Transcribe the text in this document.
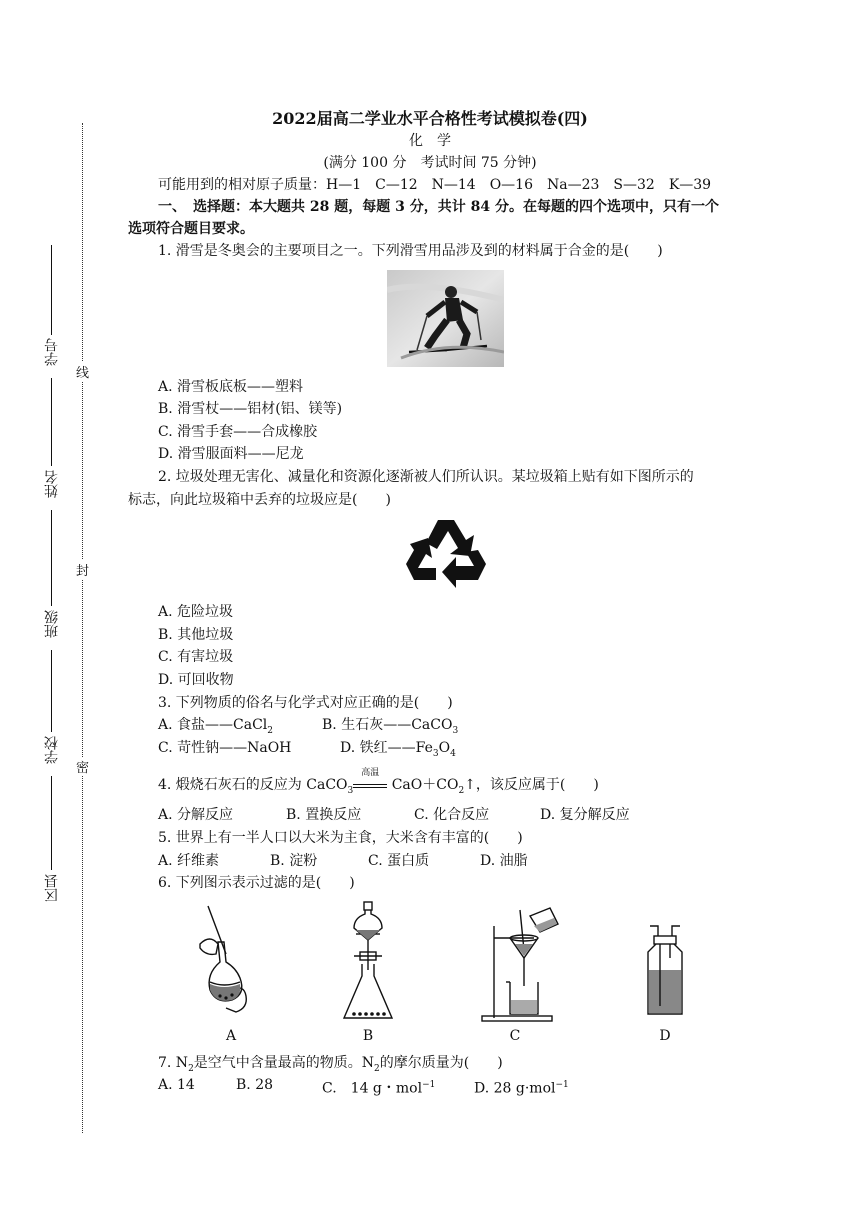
线
封
密
学号
姓名
班级
学校
区县
2022届高二学业水平合格性考试模拟卷(四)
化　学
(满分 100 分　考试时间 75 分钟)
可能用到的相对原子质量：H—1　C—12　N—14　O—16　Na—23　S—32　K—39
一、　选择题：本大题共 28 题，每题 3 分，共计 84 分。在每题的四个选项中，只有一个
选项符合题目要求。
1. 滑雪是冬奥会的主要项目之一。下列滑雪用品涉及到的材料属于合金的是(　　)
A. 滑雪板底板——塑料
B. 滑雪杖——铝材(铝、镁等)
C. 滑雪手套——合成橡胶
D. 滑雪服面料——尼龙
2. 垃圾处理无害化、减量化和资源化逐渐被人们所认识。某垃圾箱上贴有如下图所示的
标志，向此垃圾箱中丢弃的垃圾应是(　　)
A. 危险垃圾
B. 其他垃圾
C. 有害垃圾
D. 可回收物
3. 下列物质的俗名与化学式对应正确的是(　　)
A. 食盐——CaCl$_2$	B. 生石灰——CaCO$_3$
C. 苛性钠——NaOH	D. 铁红$——Fe_3O_4$
4. 煅烧石灰石的反应为 CaCO$_3$
高温
$CaO+CO_2↑$，该反应属于(　　)
A. 分解反应	B. 置换反应	C. 化合反应	D. 复分解反应
5. 世界上有一半人口以大米为主食，大米含有丰富的(　　)
A. 纤维素	B. 淀粉	C. 蛋白质	D. 油脂
6. 下列图示表示过滤的是(　　)
A	B	C	D
7. $N_2$是空气中含量最高的物质。$N_2$的摩尔质量为(　　)
A. 14	B. 28	C.　14 g・mol$^{-1}$	D. 28 g·mol$^{-1}$
